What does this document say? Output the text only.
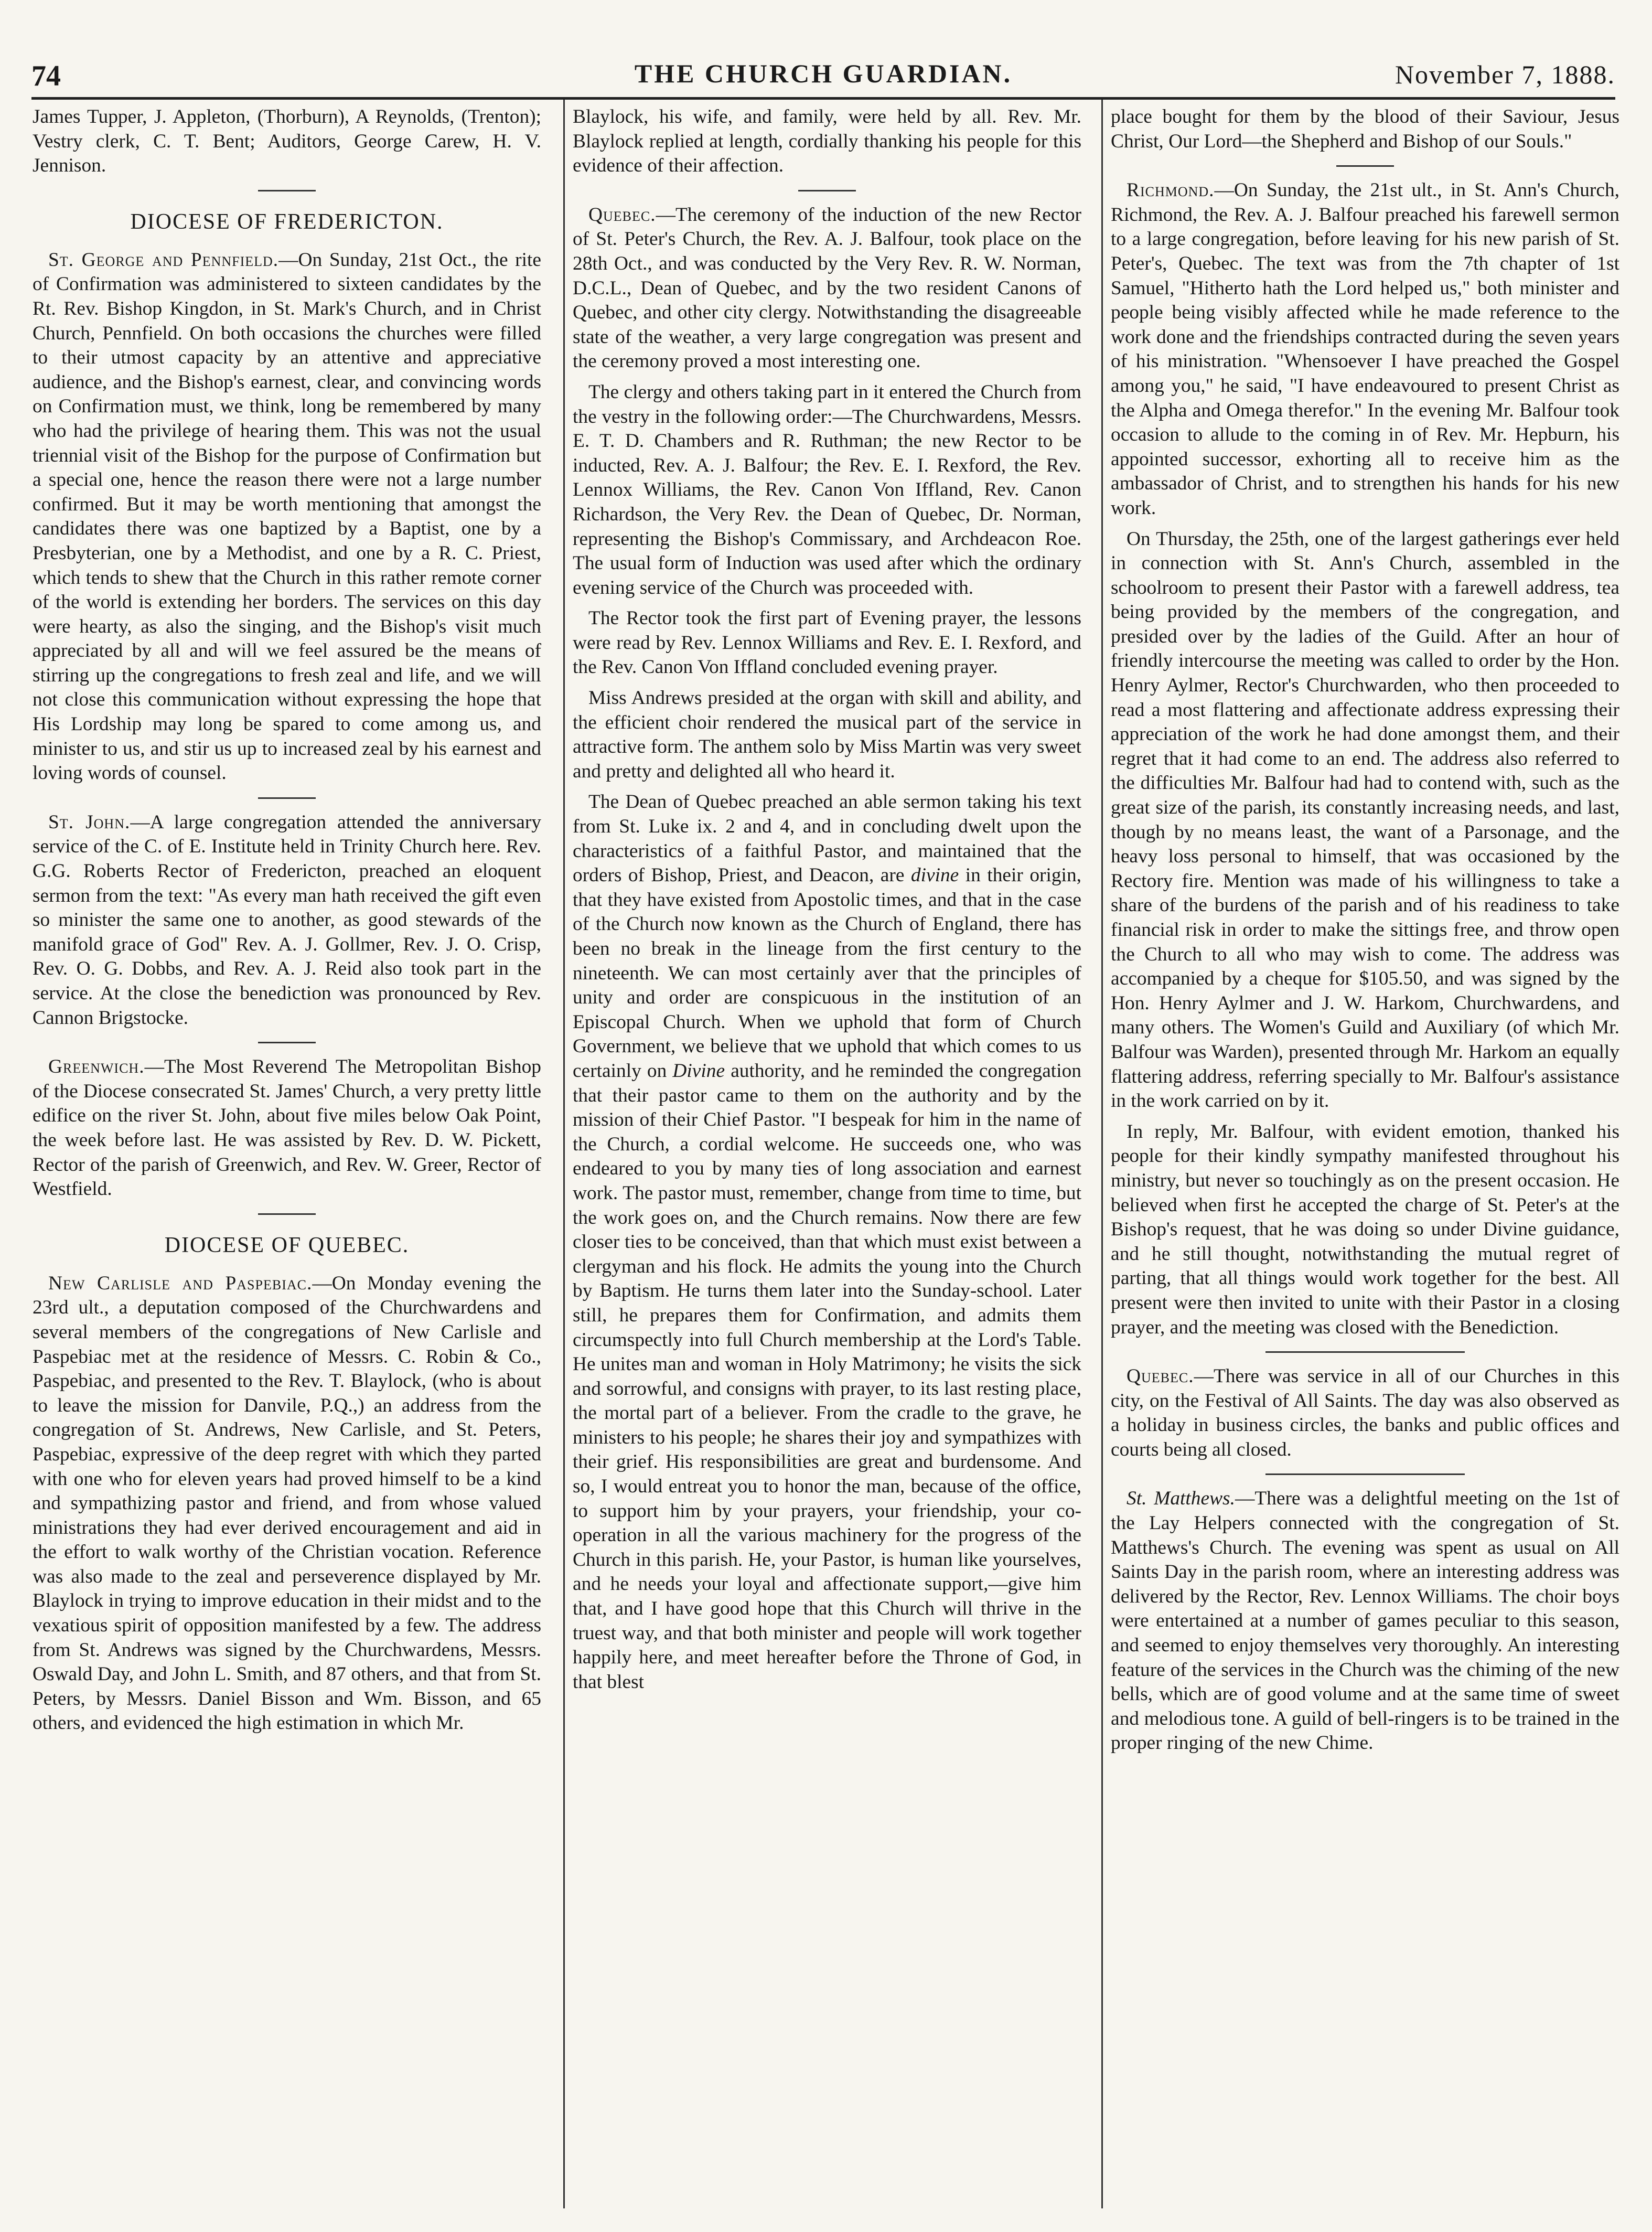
74	THE CHURCH GUARDIAN.	November 7, 1888.

James Tupper, J. Appleton, (Thorburn), A Reynolds, (Trenton); Vestry clerk, C. T. Bent; Auditors, George Carew, H. V. Jennison.

DIOCESE OF FREDERICTON.

St. George and Pennfield.—On Sunday, 21st Oct., the rite of Confirmation was administered to sixteen candidates by the Rt. Rev. Bishop Kingdon, in St. Mark's Church, and in Christ Church, Pennfield. On both occasions the churches were filled to their utmost capacity by an attentive and appreciative audience, and the Bishop's earnest, clear, and convincing words on Confirmation must, we think, long be remembered by many who had the privilege of hearing them. This was not the usual triennial visit of the Bishop for the purpose of Confirmation but a special one, hence the reason there were not a large number confirmed. But it may be worth mentioning that amongst the candidates there was one baptized by a Baptist, one by a Presbyterian, one by a Methodist, and one by a R. C. Priest, which tends to shew that the Church in this rather remote corner of the world is extending her borders. The services on this day were hearty, as also the singing, and the Bishop's visit much appreciated by all and will we feel assured be the means of stirring up the congregations to fresh zeal and life, and we will not close this communication without expressing the hope that His Lordship may long be spared to come among us, and minister to us, and stir us up to increased zeal by his earnest and loving words of counsel.

St. John.—A large congregation attended the anniversary service of the C. of E. Institute held in Trinity Church here. Rev. G.G. Roberts Rector of Fredericton, preached an eloquent sermon from the text: "As every man hath received the gift even so minister the same one to another, as good stewards of the manifold grace of God" Rev. A. J. Gollmer, Rev. J. O. Crisp, Rev. O. G. Dobbs, and Rev. A. J. Reid also took part in the service. At the close the benediction was pronounced by Rev. Cannon Brigstocke.

Greenwich.—The Most Reverend The Metropolitan Bishop of the Diocese consecrated St. James' Church, a very pretty little edifice on the river St. John, about five miles below Oak Point, the week before last. He was assisted by Rev. D. W. Pickett, Rector of the parish of Greenwich, and Rev. W. Greer, Rector of Westfield.

DIOCESE OF QUEBEC.

New Carlisle and Paspebiac.—On Monday evening the 23rd ult., a deputation composed of the Churchwardens and several members of the congregations of New Carlisle and Paspebiac met at the residence of Messrs. C. Robin & Co., Paspebiac, and presented to the Rev. T. Blaylock, (who is about to leave the mission for Danvile, P.Q.,) an address from the congregation of St. Andrews, New Carlisle, and St. Peters, Paspebiac, expressive of the deep regret with which they parted with one who for eleven years had proved himself to be a kind and sympathizing pastor and friend, and from whose valued ministrations they had ever derived encouragement and aid in the effort to walk worthy of the Christian vocation. Reference was also made to the zeal and perseverence displayed by Mr. Blaylock in trying to improve education in their midst and to the vexatious spirit of opposition manifested by a few. The address from St. Andrews was signed by the Churchwardens, Messrs. Oswald Day, and John L. Smith, and 87 others, and that from St. Peters, by Messrs. Daniel Bisson and Wm. Bisson, and 65 others, and evidenced the high estimation in which Mr.

Blaylock, his wife, and family, were held by all. Rev. Mr. Blaylock replied at length, cordially thanking his people for this evidence of their affection.

Quebec.—The ceremony of the induction of the new Rector of St. Peter's Church, the Rev. A. J. Balfour, took place on the 28th Oct., and was conducted by the Very Rev. R. W. Norman, D.C.L., Dean of Quebec, and by the two resident Canons of Quebec, and other city clergy. Notwithstanding the disagreeable state of the weather, a very large congregation was present and the ceremony proved a most interesting one.

The clergy and others taking part in it entered the Church from the vestry in the following order:—The Churchwardens, Messrs. E. T. D. Chambers and R. Ruthman; the new Rector to be inducted, Rev. A. J. Balfour; the Rev. E. I. Rexford, the Rev. Lennox Williams, the Rev. Canon Von Iffland, Rev. Canon Richardson, the Very Rev. the Dean of Quebec, Dr. Norman, representing the Bishop's Commissary, and Archdeacon Roe. The usual form of Induction was used after which the ordinary evening service of the Church was proceeded with.

The Rector took the first part of Evening prayer, the lessons were read by Rev. Lennox Williams and Rev. E. I. Rexford, and the Rev. Canon Von Iffland concluded evening prayer.

Miss Andrews presided at the organ with skill and ability, and the efficient choir rendered the musical part of the service in attractive form. The anthem solo by Miss Martin was very sweet and pretty and delighted all who heard it.

The Dean of Quebec preached an able sermon taking his text from St. Luke ix. 2 and 4, and in concluding dwelt upon the characteristics of a faithful Pastor, and maintained that the orders of Bishop, Priest, and Deacon, are divine in their origin, that they have existed from Apostolic times, and that in the case of the Church now known as the Church of England, there has been no break in the lineage from the first century to the nineteenth. We can most certainly aver that the principles of unity and order are conspicuous in the institution of an Episcopal Church. When we uphold that form of Church Government, we believe that we uphold that which comes to us certainly on Divine authority, and he reminded the congregation that their pastor came to them on the authority and by the mission of their Chief Pastor. "I bespeak for him in the name of the Church, a cordial welcome. He succeeds one, who was endeared to you by many ties of long association and earnest work. The pastor must, remember, change from time to time, but the work goes on, and the Church remains. Now there are few closer ties to be conceived, than that which must exist between a clergyman and his flock. He admits the young into the Church by Baptism. He turns them later into the Sunday-school. Later still, he prepares them for Confirmation, and admits them circumspectly into full Church membership at the Lord's Table. He unites man and woman in Holy Matrimony; he visits the sick and sorrowful, and consigns with prayer, to its last resting place, the mortal part of a believer. From the cradle to the grave, he ministers to his people; he shares their joy and sympathizes with their grief. His responsibilities are great and burdensome. And so, I would entreat you to honor the man, because of the office, to support him by your prayers, your friendship, your co-operation in all the various machinery for the progress of the Church in this parish. He, your Pastor, is human like yourselves, and he needs your loyal and affectionate support,—give him that, and I have good hope that this Church will thrive in the truest way, and that both minister and people will work together happily here, and meet hereafter before the Throne of God, in that blest

place bought for them by the blood of their Saviour, Jesus Christ, Our Lord—the Shepherd and Bishop of our Souls."

Richmond.—On Sunday, the 21st ult., in St. Ann's Church, Richmond, the Rev. A. J. Balfour preached his farewell sermon to a large congregation, before leaving for his new parish of St. Peter's, Quebec. The text was from the 7th chapter of 1st Samuel, "Hitherto hath the Lord helped us," both minister and people being visibly affected while he made reference to the work done and the friendships contracted during the seven years of his ministration. "Whensoever I have preached the Gospel among you," he said, "I have endeavoured to present Christ as the Alpha and Omega therefor." In the evening Mr. Balfour took occasion to allude to the coming in of Rev. Mr. Hepburn, his appointed successor, exhorting all to receive him as the ambassador of Christ, and to strengthen his hands for his new work.

On Thursday, the 25th, one of the largest gatherings ever held in connection with St. Ann's Church, assembled in the schoolroom to present their Pastor with a farewell address, tea being provided by the members of the congregation, and presided over by the ladies of the Guild. After an hour of friendly intercourse the meeting was called to order by the Hon. Henry Aylmer, Rector's Churchwarden, who then proceeded to read a most flattering and affectionate address expressing their appreciation of the work he had done amongst them, and their regret that it had come to an end. The address also referred to the difficulties Mr. Balfour had had to contend with, such as the great size of the parish, its constantly increasing needs, and last, though by no means least, the want of a Parsonage, and the heavy loss personal to himself, that was occasioned by the Rectory fire. Mention was made of his willingness to take a share of the burdens of the parish and of his readiness to take financial risk in order to make the sittings free, and throw open the Church to all who may wish to come. The address was accompanied by a cheque for $105.50, and was signed by the Hon. Henry Aylmer and J. W. Harkom, Churchwardens, and many others. The Women's Guild and Auxiliary (of which Mr. Balfour was Warden), presented through Mr. Harkom an equally flattering address, referring specially to Mr. Balfour's assistance in the work carried on by it.

In reply, Mr. Balfour, with evident emotion, thanked his people for their kindly sympathy manifested throughout his ministry, but never so touchingly as on the present occasion. He believed when first he accepted the charge of St. Peter's at the Bishop's request, that he was doing so under Divine guidance, and he still thought, notwithstanding the mutual regret of parting, that all things would work together for the best. All present were then invited to unite with their Pastor in a closing prayer, and the meeting was closed with the Benediction.

Quebec.—There was service in all of our Churches in this city, on the Festival of All Saints. The day was also observed as a holiday in business circles, the banks and public offices and courts being all closed.

St. Matthews.—There was a delightful meeting on the 1st of the Lay Helpers connected with the congregation of St. Matthews's Church. The evening was spent as usual on All Saints Day in the parish room, where an interesting address was delivered by the Rector, Rev. Lennox Williams. The choir boys were entertained at a number of games peculiar to this season, and seemed to enjoy themselves very thoroughly. An interesting feature of the services in the Church was the chiming of the new bells, which are of good volume and at the same time of sweet and melodious tone. A guild of bell-ringers is to be trained in the proper ringing of the new Chime.
